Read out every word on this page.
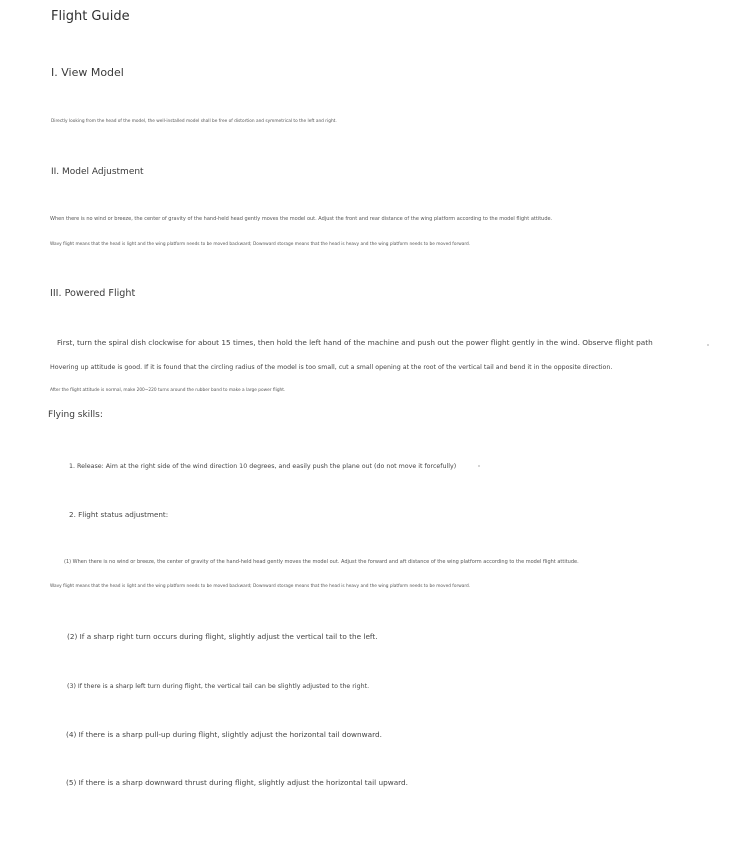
Flight Guide
I. View Model

Directly looking from the head of the model, the well-installed model shall be free of distortion and symmetrical to the left and right.

II. Model Adjustment

When there is no wind or breeze, the center of gravity of the hand-held head gently moves the model out. Adjust the front and rear distance of the wing platform according to the model flight attitude.

Wavy flight means that the head is light and the wing platform needs to be moved backward; Downward storage means that the head is heavy and the wing platform needs to be moved forward.

III. Powered Flight

First, turn the spiral dish clockwise for about 15 times, then hold the left hand of the machine and push out the power flight gently in the wind. Observe flight path

Hovering up attitude is good. If it is found that the circling radius of the model is too small, cut a small opening at the root of the vertical tail and bend it in the opposite direction.

After the flight attitude is normal, make 200~220 turns around the rubber band to make a large power flight.

Flying skills:

1. Release: Aim at the right side of the wind direction 10 degrees, and easily push the plane out (do not move it forcefully)

2. Flight status adjustment:

(1) When there is no wind or breeze, the center of gravity of the hand-held head gently moves the model out. Adjust the forward and aft distance of the wing platform according to the model flight attitude.

Wavy flight means that the head is light and the wing platform needs to be moved backward; Downward storage means that the head is heavy and the wing platform needs to be moved forward.

(2) If a sharp right turn occurs during flight, slightly adjust the vertical tail to the left.

(3) If there is a sharp left turn during flight, the vertical tail can be slightly adjusted to the right.

(4) If there is a sharp pull-up during flight, slightly adjust the horizontal tail downward.

(5) If there is a sharp downward thrust during flight, slightly adjust the horizontal tail upward.
